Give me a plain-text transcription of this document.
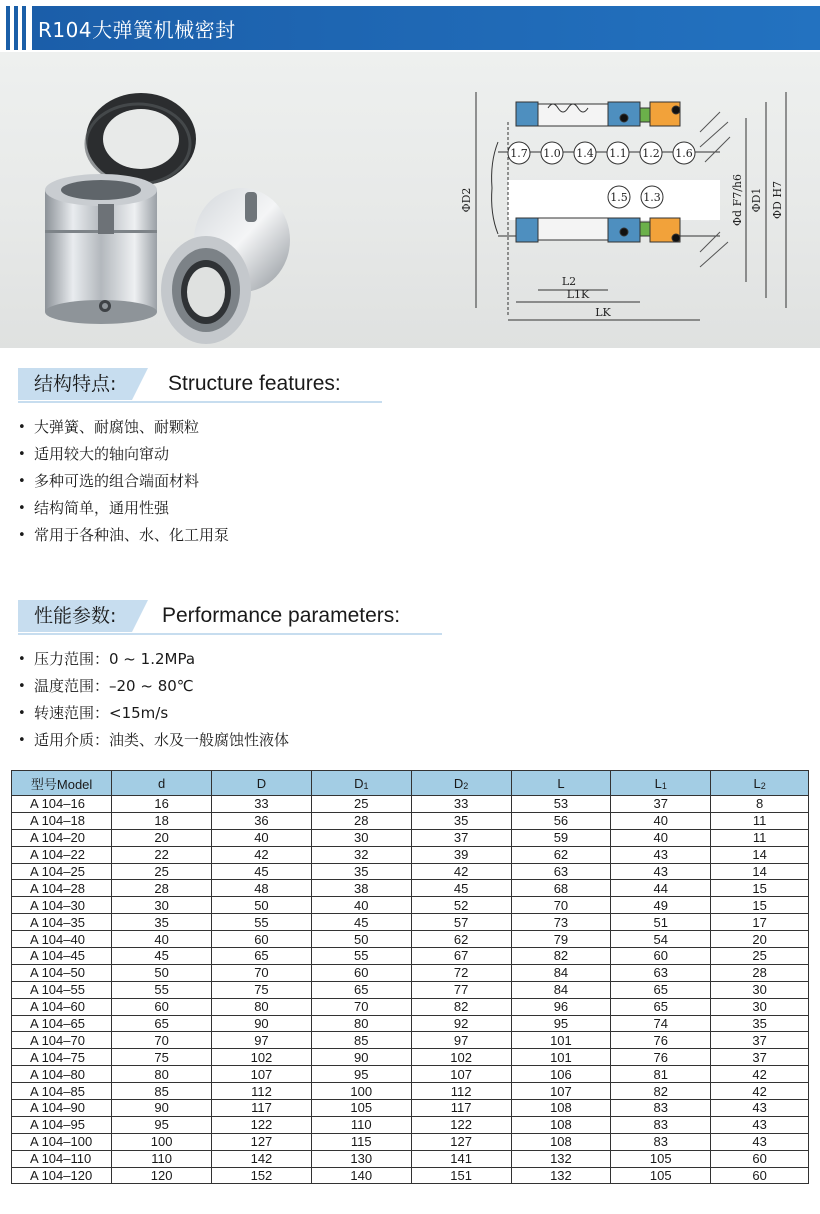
R104大弹簧机械密封
1.7 1.0 1.4 1.1 1.2 1.6
1.5 1.3
L2
L1K
LK
ΦD2	Φd F7/h6 ΦD1 ΦD H7
结构特点:	Structure features:
• 大弹簧、耐腐蚀、耐颗粒
• 适用较大的轴向窜动
• 多种可选的组合端面材料
• 结构简单，通用性强
• 常用于各种油、水、化工用泵
性能参数:	Performance parameters:
• 压力范围：0 ~ 1.2MPa
• 温度范围：–20 ~ 80℃
• 转速范围：<15m/s
• 适用介质：油类、水及一般腐蚀性液体
型号Model	d	D	$D_1$	$D_2$	L	$L_1$	$L_2$
A 104–16	16	33	25	33	53	37	8
A 104–18	18	36	28	35	56	40	11
A 104–20	20	40	30	37	59	40	11
A 104–22	22	42	32	39	62	43	14
A 104–25	25	45	35	42	63	43	14
A 104–28	28	48	38	45	68	44	15
A 104–30	30	50	40	52	70	49	15
A 104–35	35	55	45	57	73	51	17
A 104–40	40	60	50	62	79	54	20
A 104–45	45	65	55	67	82	60	25
A 104–50	50	70	60	72	84	63	28
A 104–55	55	75	65	77	84	65	30
A 104–60	60	80	70	82	96	65	30
A 104–65	65	90	80	92	95	74	35
A 104–70	70	97	85	97	101	76	37
A 104–75	75	102	90	102	101	76	37
A 104–80	80	107	95	107	106	81	42
A 104–85	85	112	100	112	107	82	42
A 104–90	90	117	105	117	108	83	43
A 104–95	95	122	110	122	108	83	43
A 104–100	100	127	115	127	108	83	43
A 104–110	110	142	130	141	132	105	60
A 104–120	120	152	140	151	132	105	60
